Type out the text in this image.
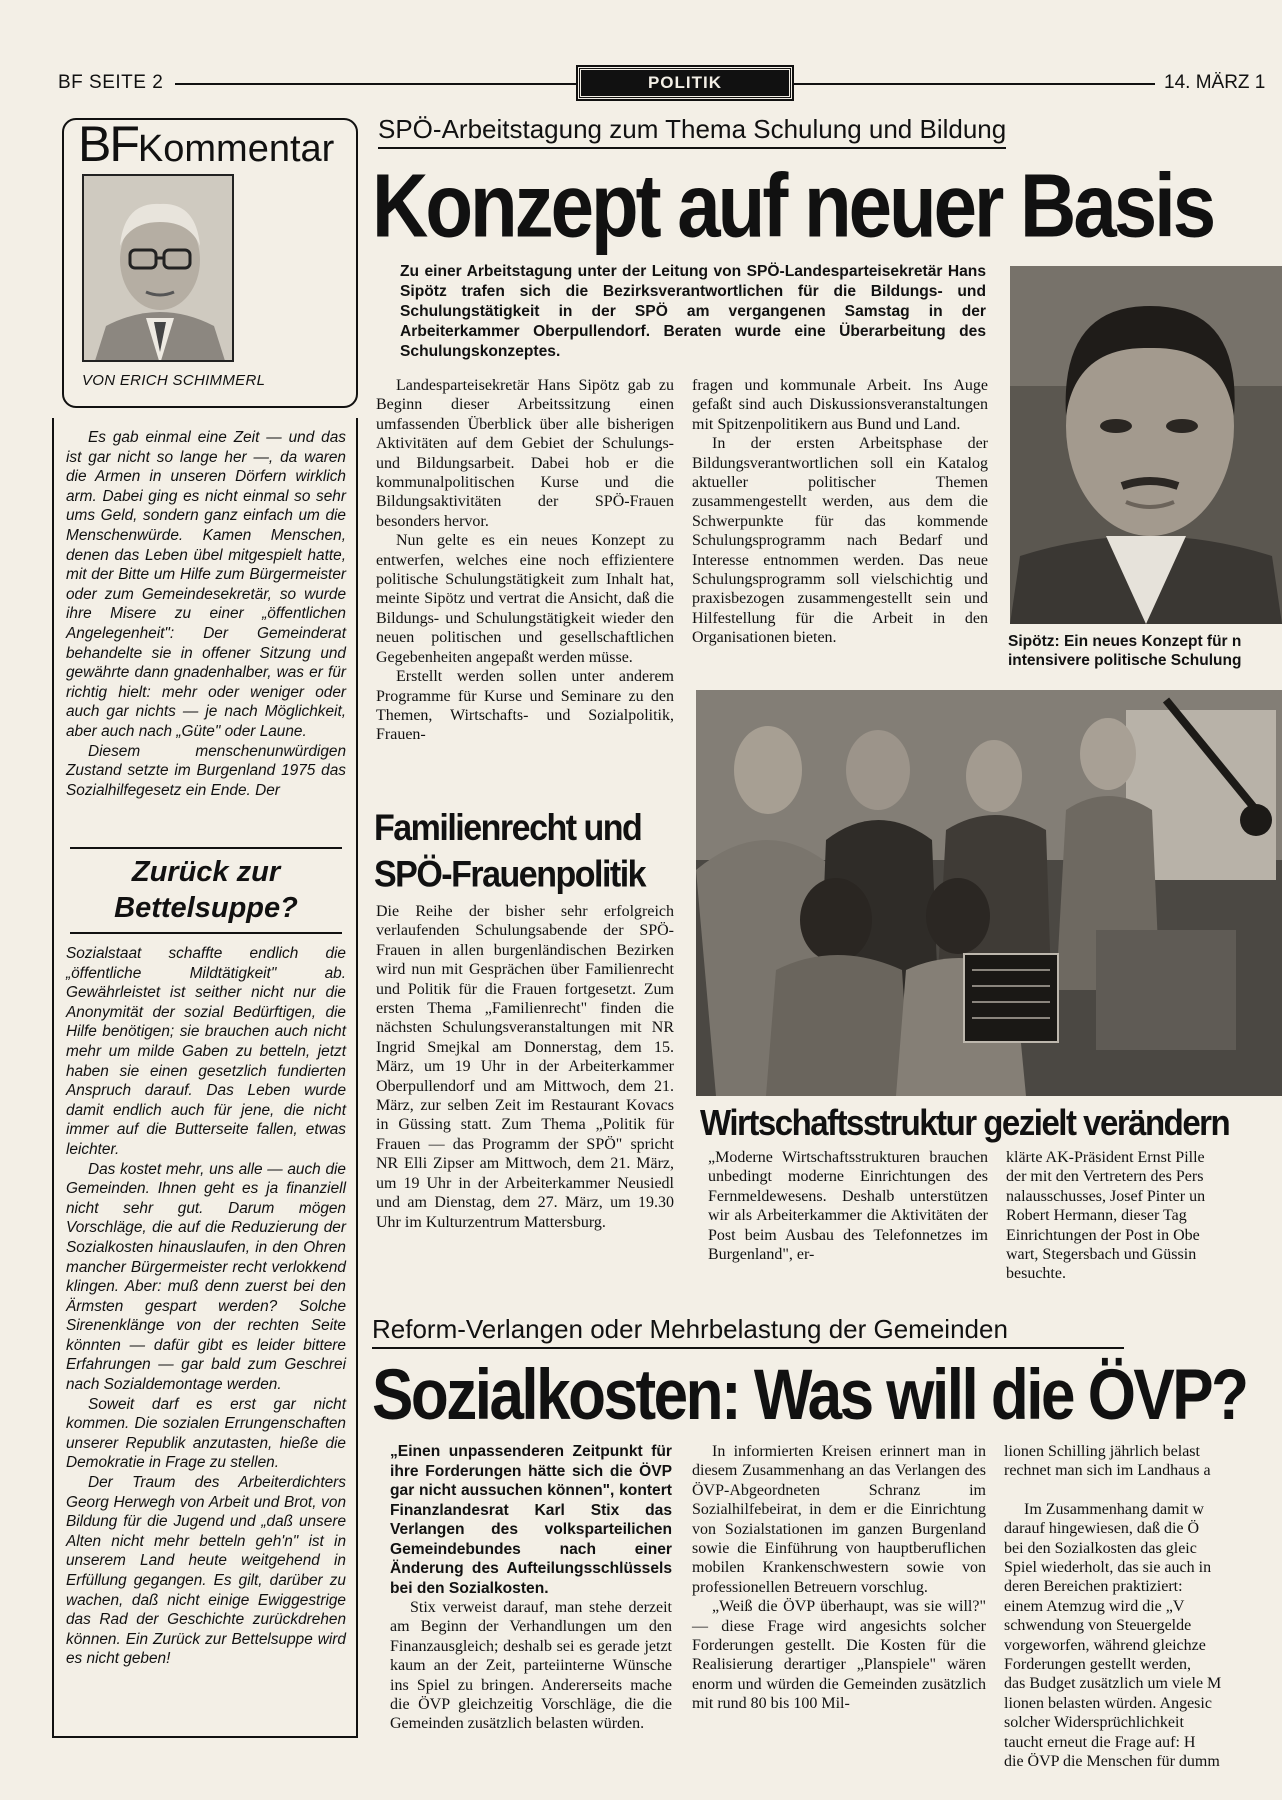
BF SEITE 2	POLITIK	14. MÄRZ 1
BFKommentar
VON ERICH SCHIMMERL

Es gab einmal eine Zeit — und das ist gar nicht so lange her —, da waren die Armen in unseren Dörfern wirklich arm. Dabei ging es nicht einmal so sehr ums Geld, sondern ganz einfach um die Menschenwürde. Kamen Menschen, denen das Leben übel mitgespielt hatte, mit der Bitte um Hilfe zum Bürgermeister oder zum Gemeindesekretär, so wurde ihre Misere zu einer „öffentlichen Angelegenheit": Der Gemeinderat behandelte sie in offener Sitzung und gewährte dann gnadenhalber, was er für richtig hielt: mehr oder weniger oder auch gar nichts — je nach Möglichkeit, aber auch nach „Güte" oder Laune.

Diesem menschenunwürdigen Zustand setzte im Burgenland 1975 das Sozialhilfegesetz ein Ende. Der

Zurück zur Bettelsuppe?

Sozialstaat schaffte endlich die „öffentliche Mildtätigkeit" ab. Gewährleistet ist seither nicht nur die Anonymität der sozial Bedürftigen, die Hilfe benötigen; sie brauchen auch nicht mehr um milde Gaben zu betteln, jetzt haben sie einen gesetzlich fundierten Anspruch darauf. Das Leben wurde damit endlich auch für jene, die nicht immer auf die Butterseite fallen, etwas leichter.

Das kostet mehr, uns alle — auch die Gemeinden. Ihnen geht es ja finanziell nicht sehr gut. Darum mögen Vorschläge, die auf die Reduzierung der Sozialkosten hinauslaufen, in den Ohren mancher Bürgermeister recht verlokkend klingen. Aber: muß denn zuerst bei den Ärmsten gespart werden? Solche Sirenenklänge von der rechten Seite könnten — dafür gibt es leider bittere Erfahrungen — gar bald zum Geschrei nach Sozialdemontage werden.

Soweit darf es erst gar nicht kommen. Die sozialen Errungenschaften unserer Republik anzutasten, hieße die Demokratie in Frage zu stellen.

Der Traum des Arbeiterdichters Georg Herwegh von Arbeit und Brot, von Bildung für die Jugend und „daß unsere Alten nicht mehr betteln geh'n" ist in unserem Land heute weitgehend in Erfüllung gegangen. Es gilt, darüber zu wachen, daß nicht einige Ewiggestrige das Rad der Geschichte zurückdrehen können. Ein Zurück zur Bettelsuppe wird es nicht geben!

SPÖ-Arbeitstagung zum Thema Schulung und Bildung
Konzept auf neuer Basis
Zu einer Arbeitstagung unter der Leitung von SPÖ-Landesparteisekretär Hans Sipötz trafen sich die Bezirksverantwortlichen für die Bildungs- und Schulungstätigkeit in der SPÖ am vergangenen Samstag in der Arbeiterkammer Oberpullendorf. Beraten wurde eine Überarbeitung des Schulungskonzeptes.

Landesparteisekretär Hans Sipötz gab zu Beginn dieser Arbeitssitzung einen umfassenden Überblick über alle bisherigen Aktivitäten auf dem Gebiet der Schulungs- und Bildungsarbeit. Dabei hob er die kommunalpolitischen Kurse und die Bildungsaktivitäten der SPÖ-Frauen besonders hervor.

Nun gelte es ein neues Konzept zu entwerfen, welches eine noch effizientere politische Schulungstätigkeit zum Inhalt hat, meinte Sipötz und vertrat die Ansicht, daß die Bildungs- und Schulungstätigkeit wieder den neuen politischen und gesellschaftlichen Gegebenheiten angepaßt werden müsse.

Erstellt werden sollen unter anderem Programme für Kurse und Seminare zu den Themen, Wirtschafts- und Sozialpolitik, Frauen-

fragen und kommunale Arbeit. Ins Auge gefaßt sind auch Diskussionsveranstaltungen mit Spitzenpolitikern aus Bund und Land.

In der ersten Arbeitsphase der Bildungsverantwortlichen soll ein Katalog aktueller politischer Themen zusammengestellt werden, aus dem die Schwerpunkte für das kommende Schulungsprogramm nach Bedarf und Interesse entnommen werden. Das neue Schulungsprogramm soll vielschichtig und praxisbezogen zusammengestellt sein und Hilfestellung für die Arbeit in den Organisationen bieten.	Sipötz: Ein neues Konzept für n
intensivere politische Schulung
Familienrecht und SPÖ-Frauenpolitik

Die Reihe der bisher sehr erfolgreich verlaufenden Schulungsabende der SPÖ-Frauen in allen burgenländischen Bezirken wird nun mit Gesprächen über Familienrecht und Politik für die Frauen fortgesetzt. Zum ersten Thema „Familienrecht" finden die nächsten Schulungsveranstaltungen mit NR Ingrid Smejkal am Donnerstag, dem 15. März, um 19 Uhr in der Arbeiterkammer Oberpullendorf und am Mittwoch, dem 21. März, zur selben Zeit im Restaurant Kovacs in Güssing statt. Zum Thema „Politik für Frauen — das Programm der SPÖ" spricht NR Elli Zipser am Mittwoch, dem 21. März, um 19 Uhr in der Arbeiterkammer Neusiedl und am Dienstag, dem 27. März, um 19.30 Uhr im Kulturzentrum Mattersburg.

Wirtschaftsstruktur gezielt verändern

„Moderne Wirtschaftsstrukturen brauchen unbedingt moderne Einrichtungen des Fernmeldewesens. Deshalb unterstützen wir als Arbeiterkammer die Aktivitäten der Post beim Ausbau des Telefonnetzes im Burgenland", er-

klärte AK-Präsident Ernst Pille
der mit den Vertretern des Pers
nalausschusses, Josef Pinter un
Robert Hermann, dieser Tag
Einrichtungen der Post in Obe
wart, Stegersbach und Güssin
besuchte.
Reform-Verlangen oder Mehrbelastung der Gemeinden
Sozialkosten: Was will die ÖVP?
„Einen unpassenderen Zeitpunkt für ihre Forderungen hätte sich die ÖVP gar nicht aussuchen können", kontert Finanzlandesrat Karl Stix das Verlangen des volksparteilichen Gemeindebundes nach einer Änderung des Aufteilungsschlüssels bei den Sozialkosten.

Stix verweist darauf, man stehe derzeit am Beginn der Verhandlungen um den Finanzausgleich; deshalb sei es gerade jetzt kaum an der Zeit, parteiinterne Wünsche ins Spiel zu bringen. Andererseits mache die ÖVP gleichzeitig Vorschläge, die die Gemeinden zusätzlich belasten würden.

In informierten Kreisen erinnert man in diesem Zusammenhang an das Verlangen des ÖVP-Abgeordneten Schranz im Sozialhilfebeirat, in dem er die Einrichtung von Sozialstationen im ganzen Burgenland sowie die Einführung von hauptberuflichen mobilen Krankenschwestern sowie von professionellen Betreuern vorschlug.

„Weiß die ÖVP überhaupt, was sie will?" — diese Frage wird angesichts solcher Forderungen gestellt. Die Kosten für die Realisierung derartiger „Planspiele" wären enorm und würden die Gemeinden zusätzlich mit rund 80 bis 100 Mil-

lionen Schilling jährlich belast
rechnet man sich im Landhaus a
Im Zusammenhang damit w
darauf hingewiesen, daß die Ö
bei den Sozialkosten das gleic
Spiel wiederholt, das sie auch in
deren Bereichen praktiziert:
einem Atemzug wird die „V
schwendung von Steuergelde
vorgeworfen, während gleichze
Forderungen gestellt werden,
das Budget zusätzlich um viele M
lionen belasten würden. Angesic
solcher Widersprüchlichkeit
taucht erneut die Frage auf: H
die ÖVP die Menschen für dumm
